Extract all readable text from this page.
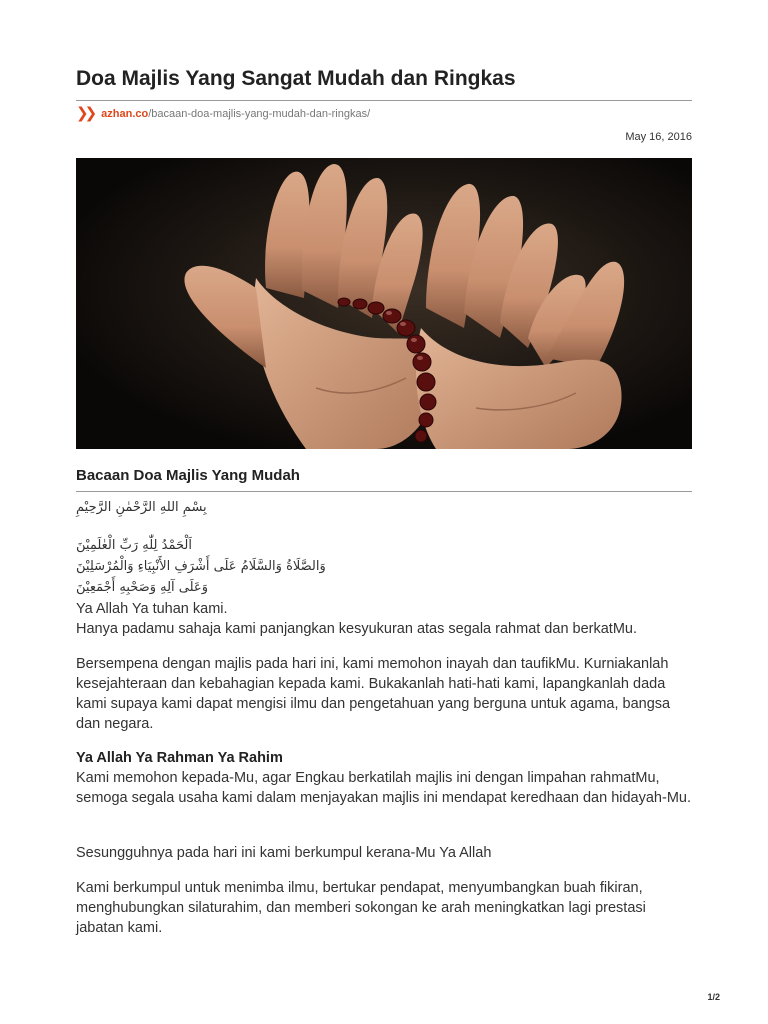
Doa Majlis Yang Sangat Mudah dan Ringkas
❯❯ azhan.co /bacaan-doa-majlis-yang-mudah-dan-ringkas/
May 16, 2016
Bacaan Doa Majlis Yang Mudah
بِسْمِ اللهِ الرَّحْمٰنِ الرَّحِيْمِ
اَلْحَمْدُ لِلّٰهِ رَبِّ الْعٰلَمِيْنَ
وَالصَّلَاةُ وَالسَّلَامُ عَلَى أَشْرَفِ الأَنْبِيَاءِ وَالْمُرْسَلِيْنَ
وَعَلَى آلِهِ وَصَحْبِهِ أَجْمَعِيْنَ

Ya Allah Ya tuhan kami.
Hanya padamu sahaja kami panjangkan kesyukuran atas segala rahmat dan berkatMu.

Bersempena dengan majlis pada hari ini, kami memohon inayah dan taufikMu. Kurniakanlah kesejahteraan dan kebahagian kepada kami. Bukakanlah hati-hati kami, lapangkanlah dada kami supaya kami dapat mengisi ilmu dan pengetahuan yang berguna untuk agama, bangsa dan negara.

Ya Allah Ya Rahman Ya Rahim
Kami memohon kepada-Mu, agar Engkau berkatilah majlis ini dengan limpahan rahmatMu, semoga segala usaha kami dalam menjayakan majlis ini mendapat keredhaan dan hidayah-Mu.

Sesungguhnya pada hari ini kami berkumpul kerana-Mu Ya Allah

Kami berkumpul untuk menimba ilmu, bertukar pendapat, menyumbangkan buah fikiran, menghubungkan silaturahim, dan memberi sokongan ke arah meningkatkan lagi prestasi jabatan kami.

1/2
